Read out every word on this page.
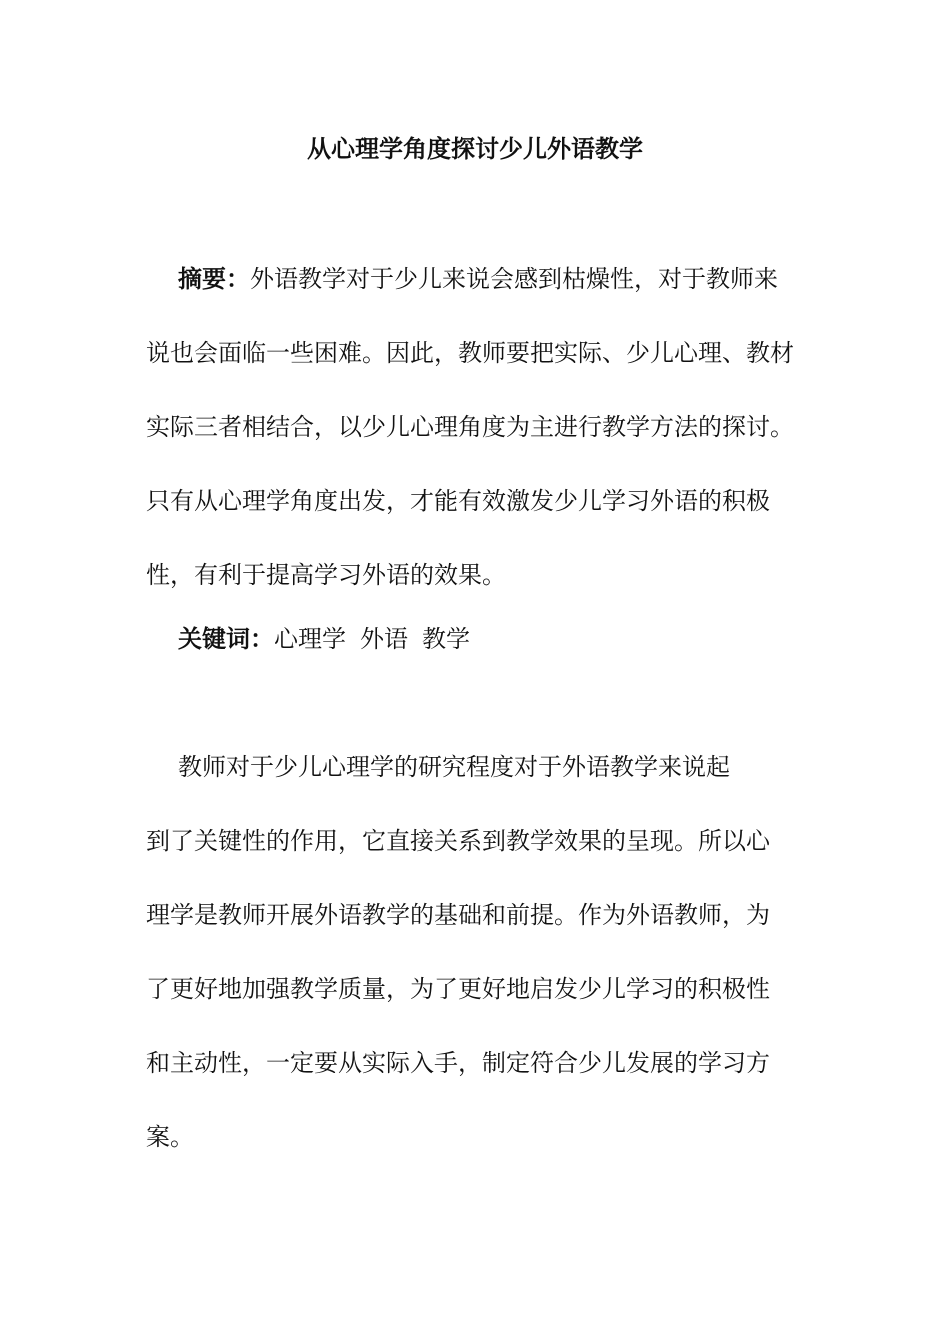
从心理学角度探讨少儿外语教学
摘要：外语教学对于少儿来说会感到枯燥性，对于教师来
说也会面临一些困难。因此，教师要把实际、少儿心理、教材
实际三者相结合，以少儿心理角度为主进行教学方法的探讨。
只有从心理学角度出发，才能有效激发少儿学习外语的积极
性，有利于提高学习外语的效果。
关键词：心理学 外语 教学
教师对于少儿心理学的研究程度对于外语教学来说起
到了关键性的作用，它直接关系到教学效果的呈现。所以心
理学是教师开展外语教学的基础和前提。作为外语教师，为
了更好地加强教学质量，为了更好地启发少儿学习的积极性
和主动性，一定要从实际入手，制定符合少儿发展的学习方
案。
